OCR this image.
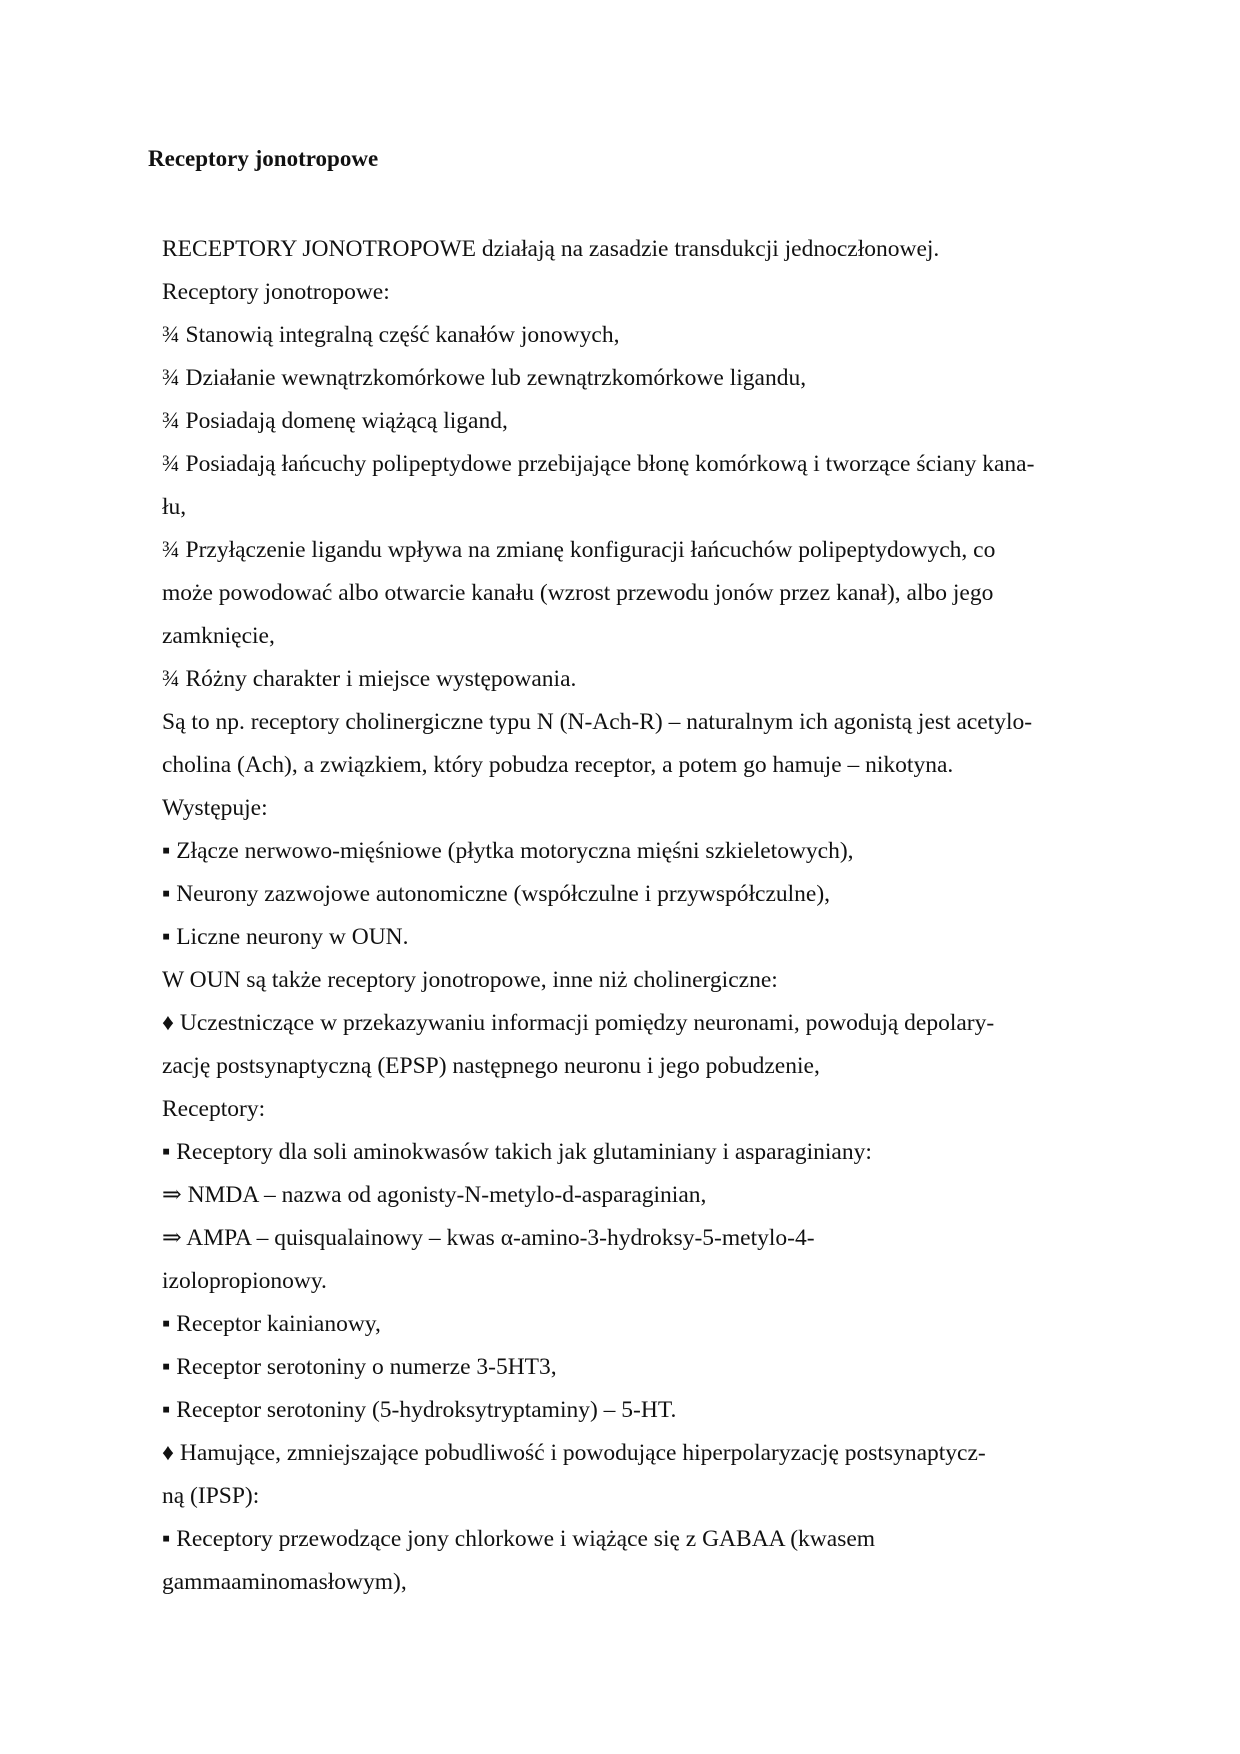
Receptory jonotropowe

RECEPTORY JONOTROPOWE działają na zasadzie transdukcji jednoczłonowej.

Receptory jonotropowe:

¾ Stanowią integralną część kanałów jonowych,

¾ Działanie wewnątrzkomórkowe lub zewnątrzkomórkowe ligandu,

¾ Posiadają domenę wiążącą ligand,

¾ Posiadają łańcuchy polipeptydowe przebijające błonę komórkową i tworzące ściany kana-

łu,

¾ Przyłączenie ligandu wpływa na zmianę konfiguracji łańcuchów polipeptydowych, co

może powodować albo otwarcie kanału (wzrost przewodu jonów przez kanał), albo jego

zamknięcie,

¾ Różny charakter i miejsce występowania.

Są to np. receptory cholinergiczne typu N (N-Ach-R) – naturalnym ich agonistą jest acetylo-

cholina (Ach), a związkiem, który pobudza receptor, a potem go hamuje – nikotyna.

Występuje:

▪ Złącze nerwowo-mięśniowe (płytka motoryczna mięśni szkieletowych),

▪ Neurony zazwojowe autonomiczne (współczulne i przywspółczulne),

▪ Liczne neurony w OUN.

W OUN są także receptory jonotropowe, inne niż cholinergiczne:

♦ Uczestniczące w przekazywaniu informacji pomiędzy neuronami, powodują depolary-

zację postsynaptyczną (EPSP) następnego neuronu i jego pobudzenie,

Receptory:

▪ Receptory dla soli aminokwasów takich jak glutaminiany i asparaginiany:

⇒ NMDA – nazwa od agonisty-N-metylo-d-asparaginian,

⇒ AMPA – quisqualainowy – kwas α-amino-3-hydroksy-5-metylo-4-

izolopropionowy.

▪ Receptor kainianowy,

▪ Receptor serotoniny o numerze 3-5HT3,

▪ Receptor serotoniny (5-hydroksytryptaminy) – 5-HT.

♦ Hamujące, zmniejszające pobudliwość i powodujące hiperpolaryzację postsynaptycz-

ną (IPSP):

▪ Receptory przewodzące jony chlorkowe i wiążące się z GABAA (kwasem

gammaaminomasłowym),
